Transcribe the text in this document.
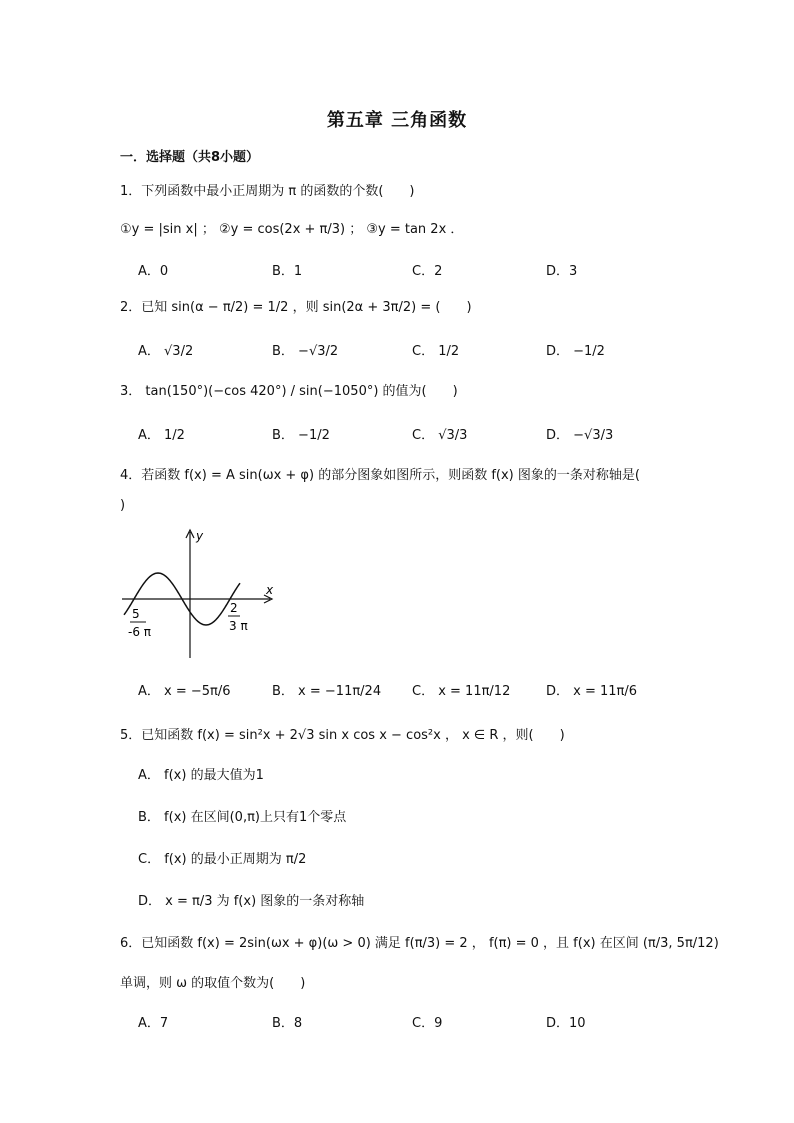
第五章 三角函数
一．选择题（共8小题）
1．下列函数中最小正周期为 π 的函数的个数(　　)
①y = |sin x| ； ②y = cos(2x + π/3) ； ③y = tan 2x ．
A．0	B．1	C．2	D．3
2．已知 sin(α − π/2) = 1/2 ，则 sin(2α + 3π/2) = (　　)
A． √3/2	B． −√3/2	C． 1/2	D． −1/2
3． tan(150°)(−cos 420°) / sin(−1050°) 的值为(　　)
A． 1/2	B． −1/2	C． √3/3	D． −√3/3
4．若函数 f(x) = A sin(ωx + φ) 的部分图象如图所示，则函数 f(x) 图象的一条对称轴是(
)
y
x
5
-6 π
2
3 π
A． x = −5π/6	B． x = −11π/24 C． x = 11π/12	D． x = 11π/6
5．已知函数 f(x) = sin²x + 2√3 sin x cos x − cos²x ， x ∈ R ，则(　　)
A． f(x) 的最大值为1
B． f(x) 在区间(0,π)上只有1个零点
C． f(x) 的最小正周期为 π/2
D． x = π/3 为 f(x) 图象的一条对称轴
6．已知函数 f(x) = 2sin(ωx + φ)(ω > 0) 满足 f(π/3) = 2 ， f(π) = 0 ，且 f(x) 在区间 (π/3, 5π/12)
单调，则 ω 的取值个数为(　　)
A．7	B．8	C．9	D．10
